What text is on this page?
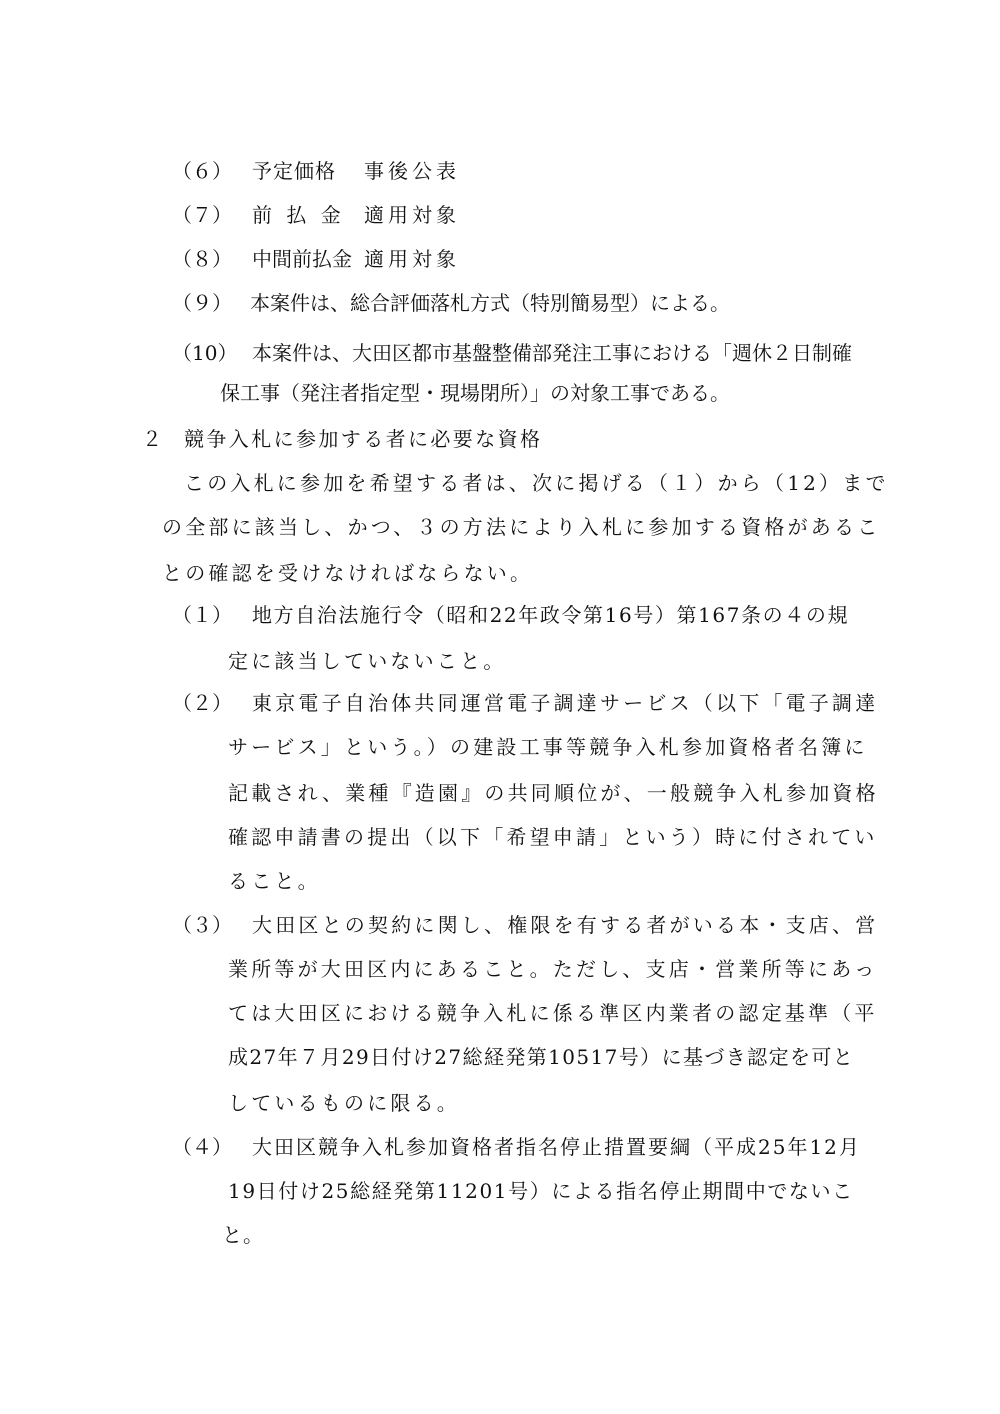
（６） 予定価格 事後公表
（７） 前 払 金 適用対象
（８） 中間前払金 適用対象
（９） 本案件は、総合評価落札方式（特別簡易型）による。
（10） 本案件は、大田区都市基盤整備部発注工事における「週休２日制確
保工事（発注者指定型・現場閉所）」の対象工事である。
２ 競争入札に参加する者に必要な資格
この入札に参加を希望する者は、次に掲げる（１）から（12）まで
の全部に該当し、かつ、３の方法により入札に参加する資格があるこ
との確認を受けなければならない。
（１） 地方自治法施行令（昭和22年政令第16号）第167条の４の規
定に該当していないこと。
（２） 東京電子自治体共同運営電子調達サービス（以下「電子調達
サービス」という。）の建設工事等競争入札参加資格者名簿に
記載され、業種『造園』の共同順位が、一般競争入札参加資格
確認申請書の提出（以下「希望申請」という）時に付されてい
ること。
（３） 大田区との契約に関し、権限を有する者がいる本・支店、営
業所等が大田区内にあること。ただし、支店・営業所等にあっ
ては大田区における競争入札に係る準区内業者の認定基準（平
成27年７月29日付け27総経発第10517号）に基づき認定を可と
しているものに限る。
（４） 大田区競争入札参加資格者指名停止措置要綱（平成25年12月
19日付け25総経発第11201号）による指名停止期間中でないこ
と。
